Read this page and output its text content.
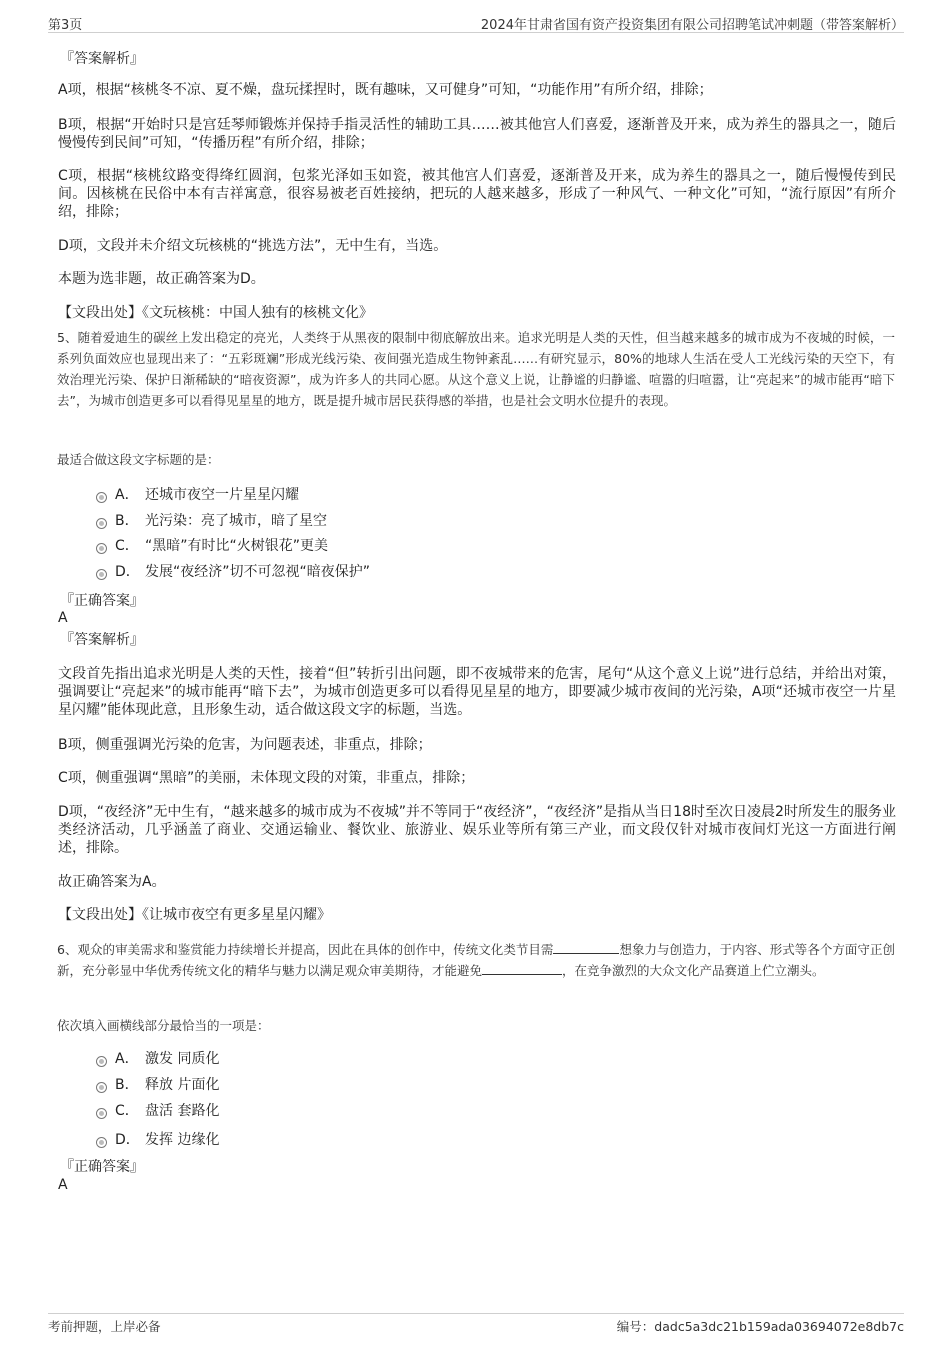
第3页	2024年甘肃省国有资产投资集团有限公司招聘笔试冲刺题（带答案解析）
『答案解析』

A项，根据“核桃冬不凉、夏不燥，盘玩揉捏时，既有趣味，又可健身”可知，“功能作用”有所介绍，排除；

B项，根据“开始时只是宫廷琴师锻炼并保持手指灵活性的辅助工具……被其他宫人们喜爱，逐渐普及开来，成为养生的器具之一，随后慢慢传到民间”可知，“传播历程”有所介绍，排除；

C项，根据“核桃纹路变得绛红圆润，包浆光泽如玉如瓷，被其他宫人们喜爱，逐渐普及开来，成为养生的器具之一，随后慢慢传到民间。因核桃在民俗中本有吉祥寓意，很容易被老百姓接纳，把玩的人越来越多，形成了一种风气、一种文化”可知，“流行原因”有所介绍，排除；

D项，文段并未介绍文玩核桃的“挑选方法”，无中生有，当选。

本题为选非题，故正确答案为D。

【文段出处】《文玩核桃：中国人独有的核桃文化》

5、随着爱迪生的碳丝上发出稳定的亮光，人类终于从黑夜的限制中彻底解放出来。追求光明是人类的天性，但当越来越多的城市成为不夜城的时候，一系列负面效应也显现出来了：“五彩斑斓”形成光线污染、夜间强光造成生物钟紊乱……有研究显示，80%的地球人生活在受人工光线污染的天空下，有效治理光污染、保护日渐稀缺的“暗夜资源”，成为许多人的共同心愿。从这个意义上说，让静谧的归静谧、喧嚣的归喧嚣，让“亮起来”的城市能再“暗下去”，为城市创造更多可以看得见星星的地方，既是提升城市居民获得感的举措，也是社会文明水位提升的表现。

最适合做这段文字标题的是：
A． 还城市夜空一片星星闪耀
B． 光污染：亮了城市，暗了星空
C． “黑暗”有时比“火树银花”更美
D． 发展“夜经济”切不可忽视“暗夜保护”
『正确答案』
A
『答案解析』

文段首先指出追求光明是人类的天性，接着“但”转折引出问题，即不夜城带来的危害，尾句“从这个意义上说”进行总结，并给出对策，强调要让“亮起来”的城市能再“暗下去”，为城市创造更多可以看得见星星的地方，即要减少城市夜间的光污染，A项“还城市夜空一片星星闪耀”能体现此意，且形象生动，适合做这段文字的标题，当选。

B项，侧重强调光污染的危害，为问题表述，非重点，排除；

C项，侧重强调“黑暗”的美丽，未体现文段的对策，非重点，排除；

D项，“夜经济”无中生有，“越来越多的城市成为不夜城”并不等同于“夜经济”，“夜经济”是指从当日18时至次日凌晨2时所发生的服务业类经济活动，几乎涵盖了商业、交通运输业、餐饮业、旅游业、娱乐业等所有第三产业，而文段仅针对城市夜间灯光这一方面进行阐述，排除。

故正确答案为A。

【文段出处】《让城市夜空有更多星星闪耀》

6、观众的审美需求和鉴赏能力持续增长并提高，因此在具体的创作中，传统文化类节目需	想象力与创造力，于内容、形式等各个方面守正创新，充分彰显中华优秀传统文化的精华与魅力以满足观众审美期待，才能避免	，在竞争激烈的大众文化产品赛道上伫立潮头。

依次填入画横线部分最恰当的一项是：
A． 激发 同质化
B． 释放 片面化
C． 盘活 套路化
D． 发挥 边缘化
『正确答案』
A
考前押题，上岸必备	编号：dadc5a3dc21b159ada03694072e8db7c
